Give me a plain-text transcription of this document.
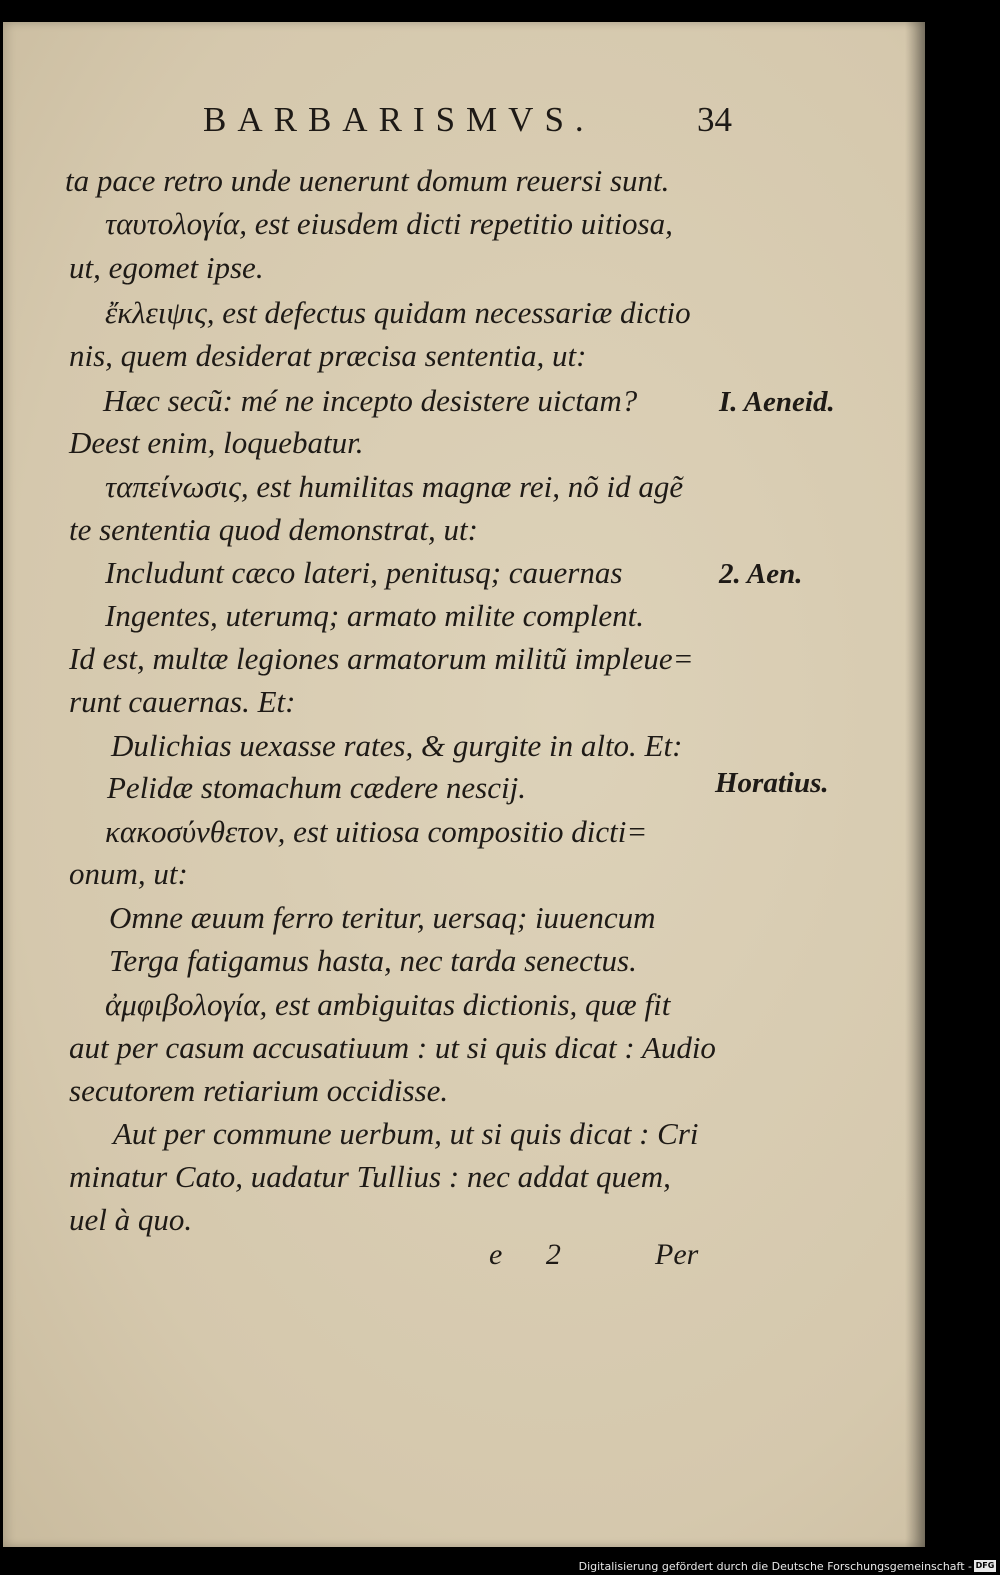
BARBARISMVS.	34
ta pace retro unde uenerunt domum reuersi sunt.
ταυτολογία, est eiusdem dicti repetitio uitiosa,
ut, egomet ipse.
ἔκλειψις, est defectus quidam necessariæ dictio
nis, quem desiderat præcisa sententia, ut:
Hæc secũ: mé ne incepto desistere uictam?
Deest enim, loquebatur.
ταπείνωσις, est humilitas magnæ rei, nõ id agẽ
te sententia quod demonstrat, ut:
Includunt cæco lateri, penitusq; cauernas
Ingentes, uterumq; armato milite complent.
Id est, multæ legiones armatorum militũ impleue=
runt cauernas. Et:
Dulichias uexasse rates, & gurgite in alto. Et:
Pelidæ stomachum cædere nescij.
κακοσύνθετον, est uitiosa compositio dicti=
onum, ut:
Omne æuum ferro teritur, uersaq; iuuencum
Terga fatigamus hasta, nec tarda senectus.
ἀμφιβολογία, est ambiguitas dictionis, quæ fit
aut per casum accusatiuum : ut si quis dicat : Audio
secutorem retiarium occidisse.
Aut per commune uerbum, ut si quis dicat : Cri
minatur Cato, uadatur Tullius : nec addat quem,
uel à quo.
I. Aeneid.
2. Aen.
Horatius.
e 2	Per
Digitalisierung gefördert durch die Deutsche Forschungsgemeinschaft - DFG
